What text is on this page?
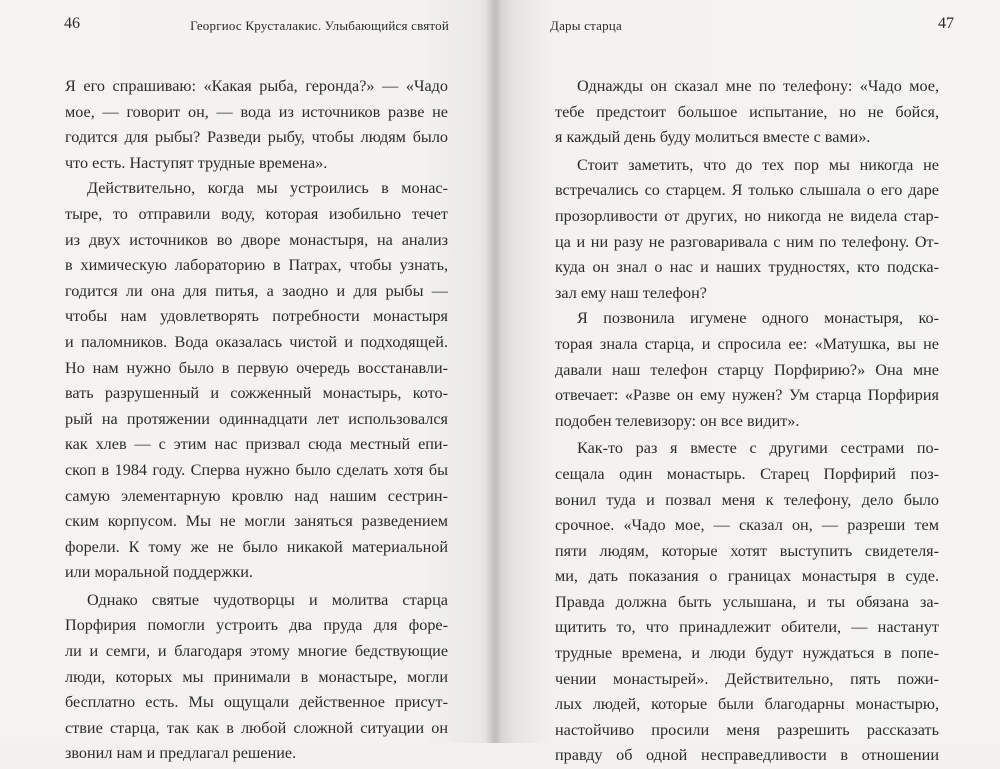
46	Георгиос Крусталакис. Улыбающийся святой
Я его спрашиваю: «Какая рыба, геронда?» — «Чадо
мое, — говорит он, — вода из источников разве не
годится для рыбы? Разведи рыбу, чтобы людям было
что есть. Наступят трудные времена».
Действительно, когда мы устроились в монас-
тыре, то отправили воду, которая изобильно течет
из двух источников во дворе монастыря, на анализ
в химическую лабораторию в Патрах, чтобы узнать,
годится ли она для питья, а заодно и для рыбы —
чтобы нам удовлетворять потребности монастыря
и паломников. Вода оказалась чистой и подходящей.
Но нам нужно было в первую очередь восстанавли-
вать разрушенный и сожженный монастырь, кото-
рый на протяжении одиннадцати лет использовался
как хлев — с этим нас призвал сюда местный епи-
скоп в 1984 году. Сперва нужно было сделать хотя бы
самую элементарную кровлю над нашим сестрин-
ским корпусом. Мы не могли заняться разведением
форели. К тому же не было никакой материальной
или моральной поддержки.
Однако святые чудотворцы и молитва старца
Порфирия помогли устроить два пруда для форе-
ли и семги, и благодаря этому многие бедствующие
люди, которых мы принимали в монастыре, могли
бесплатно есть. Мы ощущали действенное присут-
ствие старца, так как в любой сложной ситуации он
звонил нам и предлагал решение.
Дары старца	47
Однажды он сказал мне по телефону: «Чадо мое,
тебе предстоит большое испытание, но не бойся,
я каждый день буду молиться вместе с вами».
Стоит заметить, что до тех пор мы никогда не
встречались со старцем. Я только слышала о его даре
прозорливости от других, но никогда не видела стар-
ца и ни разу не разговаривала с ним по телефону. От-
куда он знал о нас и наших трудностях, кто подска-
зал ему наш телефон?
Я позвонила игумене одного монастыря, ко-
торая знала старца, и спросила ее: «Матушка, вы не
давали наш телефон старцу Порфирию?» Она мне
отвечает: «Разве он ему нужен? Ум старца Порфирия
подобен телевизору: он все видит».
Как-то раз я вместе с другими сестрами по-
сещала один монастырь. Старец Порфирий поз-
вонил туда и позвал меня к телефону, дело было
срочное. «Чадо мое, — сказал он, — разреши тем
пяти людям, которые хотят выступить свидетеля-
ми, дать показания о границах монастыря в суде.
Правда должна быть услышана, и ты обязана за-
щитить то, что принадлежит обители, — настанут
трудные времена, и люди будут нуждаться в попе-
чении монастырей». Действительно, пять пожи-
лых людей, которые были благодарны монастырю,
настойчиво просили меня разрешить рассказать
правду об одной несправедливости в отношении
